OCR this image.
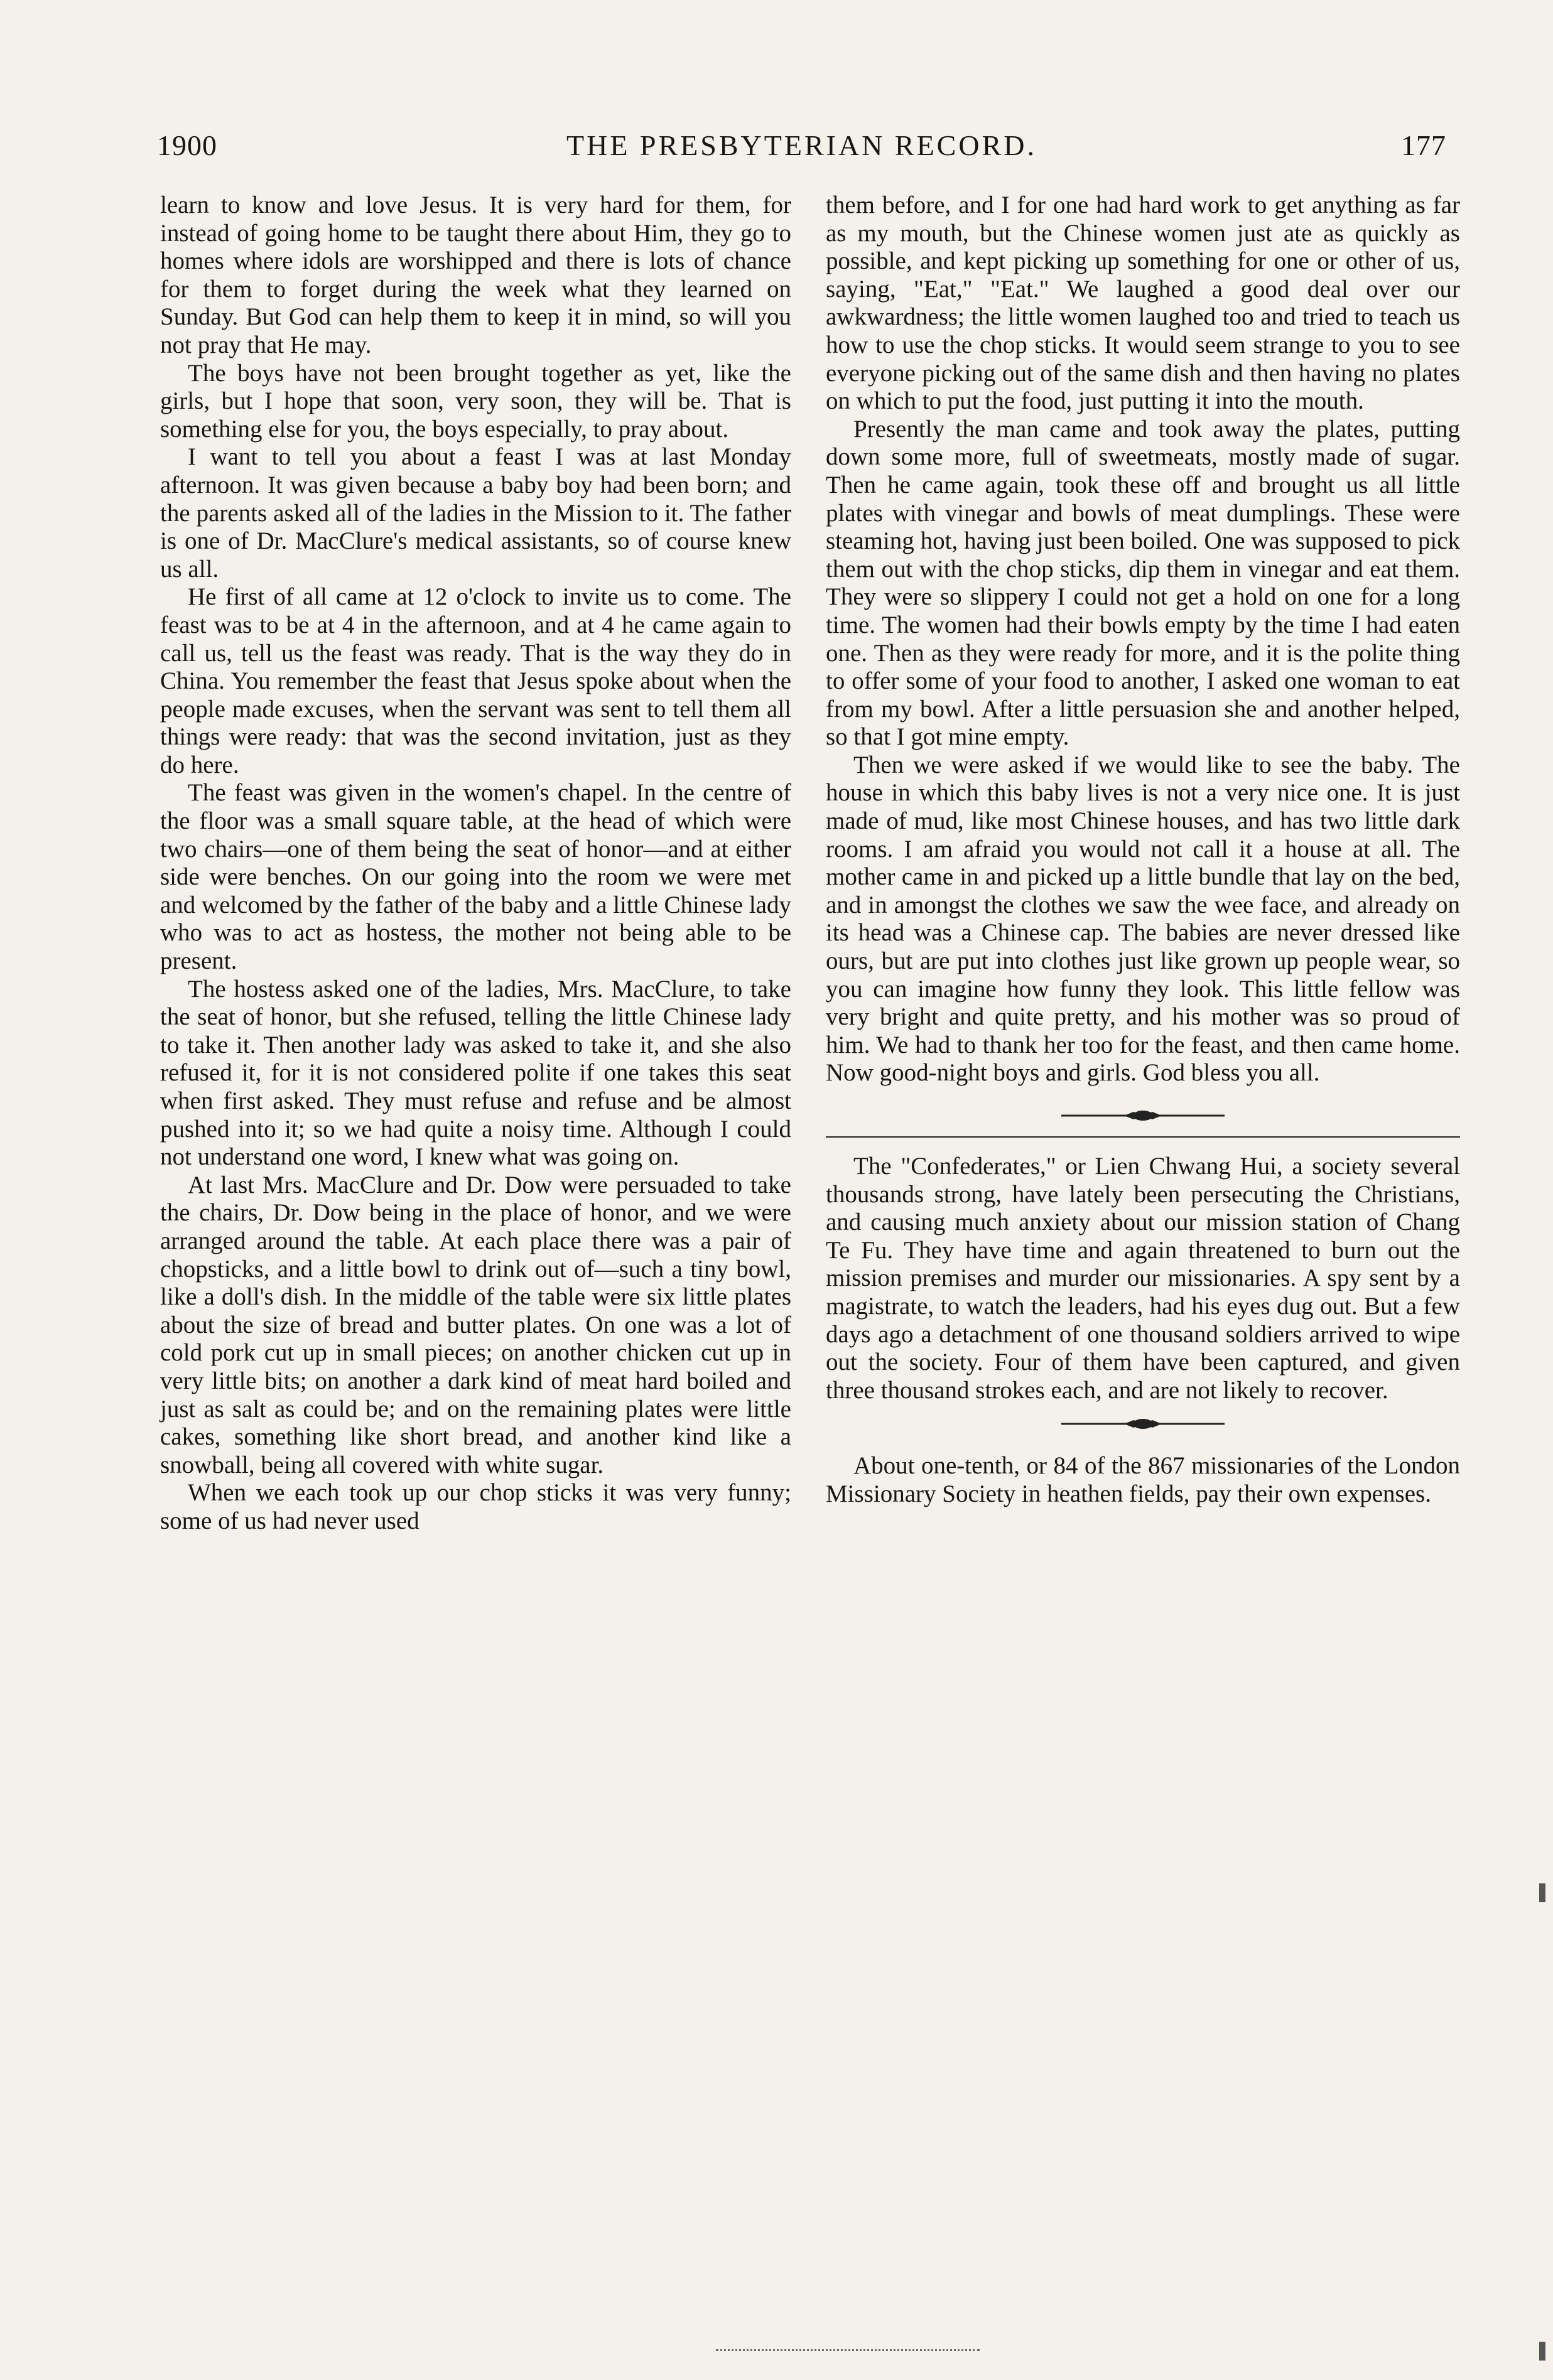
1900	THE PRESBYTERIAN RECORD.	177

learn to know and love Jesus. It is very hard for them, for instead of going home to be taught there about Him, they go to homes where idols are worshipped and there is lots of chance for them to forget during the week what they learned on Sunday. But God can help them to keep it in mind, so will you not pray that He may.

The boys have not been brought together as yet, like the girls, but I hope that soon, very soon, they will be. That is something else for you, the boys especially, to pray about.

I want to tell you about a feast I was at last Monday afternoon. It was given because a baby boy had been born; and the parents asked all of the ladies in the Mission to it. The father is one of Dr. MacClure's medical assistants, so of course knew us all.

He first of all came at 12 o'clock to invite us to come. The feast was to be at 4 in the afternoon, and at 4 he came again to call us, tell us the feast was ready. That is the way they do in China. You remember the feast that Jesus spoke about when the people made excuses, when the servant was sent to tell them all things were ready: that was the second invitation, just as they do here.

The feast was given in the women's chapel. In the centre of the floor was a small square table, at the head of which were two chairs—one of them being the seat of honor—and at either side were benches. On our going into the room we were met and welcomed by the father of the baby and a little Chinese lady who was to act as hostess, the mother not being able to be present.

The hostess asked one of the ladies, Mrs. MacClure, to take the seat of honor, but she refused, telling the little Chinese lady to take it. Then another lady was asked to take it, and she also refused it, for it is not considered polite if one takes this seat when first asked. They must refuse and refuse and be almost pushed into it; so we had quite a noisy time. Although I could not understand one word, I knew what was going on.

At last Mrs. MacClure and Dr. Dow were persuaded to take the chairs, Dr. Dow being in the place of honor, and we were arranged around the table. At each place there was a pair of chopsticks, and a little bowl to drink out of—such a tiny bowl, like a doll's dish. In the middle of the table were six little plates about the size of bread and butter plates. On one was a lot of cold pork cut up in small pieces; on another chicken cut up in very little bits; on another a dark kind of meat hard boiled and just as salt as could be; and on the remaining plates were little cakes, something like short bread, and another kind like a snowball, being all covered with white sugar.

When we each took up our chop sticks it was very funny; some of us had never used

them before, and I for one had hard work to get anything as far as my mouth, but the Chinese women just ate as quickly as possible, and kept picking up something for one or other of us, saying, "Eat," "Eat." We laughed a good deal over our awkwardness; the little women laughed too and tried to teach us how to use the chop sticks. It would seem strange to you to see everyone picking out of the same dish and then having no plates on which to put the food, just putting it into the mouth.

Presently the man came and took away the plates, putting down some more, full of sweetmeats, mostly made of sugar. Then he came again, took these off and brought us all little plates with vinegar and bowls of meat dumplings. These were steaming hot, having just been boiled. One was supposed to pick them out with the chop sticks, dip them in vinegar and eat them. They were so slippery I could not get a hold on one for a long time. The women had their bowls empty by the time I had eaten one. Then as they were ready for more, and it is the polite thing to offer some of your food to another, I asked one woman to eat from my bowl. After a little persuasion she and another helped, so that I got mine empty.

Then we were asked if we would like to see the baby. The house in which this baby lives is not a very nice one. It is just made of mud, like most Chinese houses, and has two little dark rooms. I am afraid you would not call it a house at all. The mother came in and picked up a little bundle that lay on the bed, and in amongst the clothes we saw the wee face, and already on its head was a Chinese cap. The babies are never dressed like ours, but are put into clothes just like grown up people wear, so you can imagine how funny they look. This little fellow was very bright and quite pretty, and his mother was so proud of him. We had to thank her too for the feast, and then came home. Now good-night boys and girls. God bless you all.

The "Confederates," or Lien Chwang Hui, a society several thousands strong, have lately been persecuting the Christians, and causing much anxiety about our mission station of Chang Te Fu. They have time and again threatened to burn out the mission premises and murder our missionaries. A spy sent by a magistrate, to watch the leaders, had his eyes dug out. But a few days ago a detachment of one thousand soldiers arrived to wipe out the society. Four of them have been captured, and given three thousand strokes each, and are not likely to recover.

About one-tenth, or 84 of the 867 missionaries of the London Missionary Society in heathen fields, pay their own expenses.
